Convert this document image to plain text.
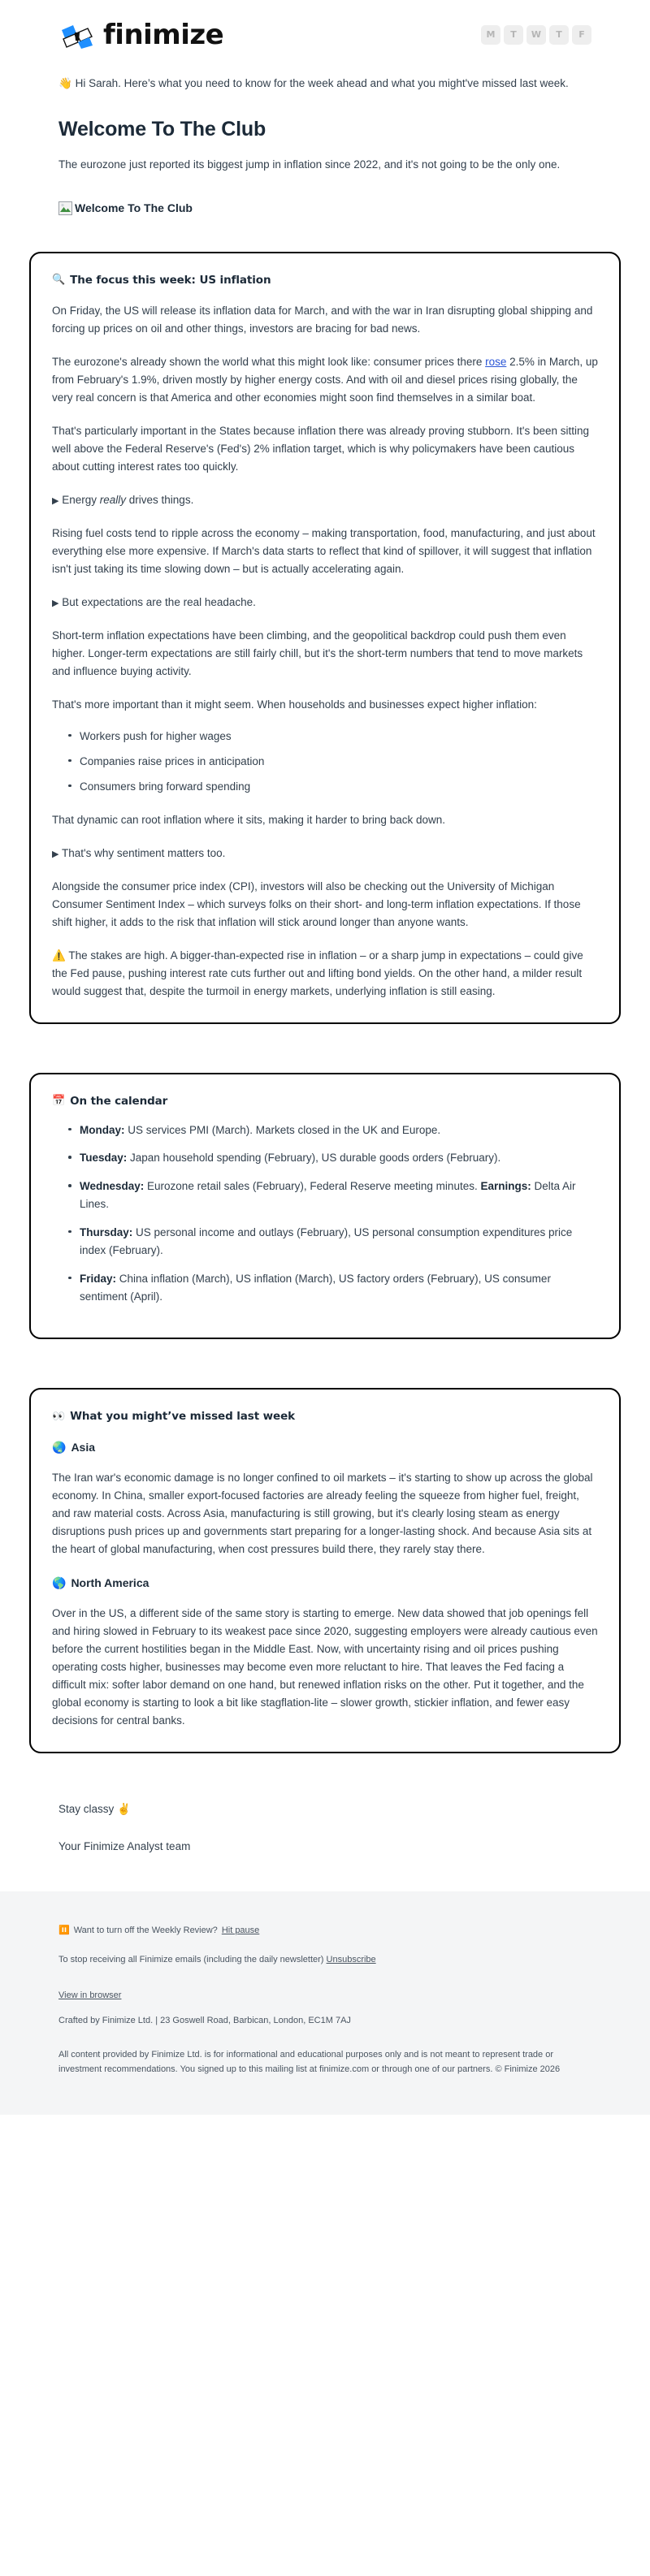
finimize	M	T	W	T	F

👋 Hi Sarah. Here’s what you need to know for the week ahead and what you might've missed last week.

Welcome To The Club

The eurozone just reported its biggest jump in inflation since 2022, and it's not going to be the only one.

Welcome To The Club
🔍 The focus this week: US inflation

On Friday, the US will release its inflation data for March, and with the war in Iran disrupting global shipping and forcing up prices on oil and other things, investors are bracing for bad news.

The eurozone's already shown the world what this might look like: consumer prices there rose 2.5% in March, up from February's 1.9%, driven mostly by higher energy costs. And with oil and diesel prices rising globally, the very real concern is that America and other economies might soon find themselves in a similar boat.

That's particularly important in the States because inflation there was already proving stubborn. It's been sitting well above the Federal Reserve's (Fed's) 2% inflation target, which is why policymakers have been cautious about cutting interest rates too quickly.

▶ Energy really drives things.

Rising fuel costs tend to ripple across the economy – making transportation, food, manufacturing, and just about everything else more expensive. If March's data starts to reflect that kind of spillover, it will suggest that inflation isn't just taking its time slowing down – but is actually accelerating again.

▶ But expectations are the real headache.

Short-term inflation expectations have been climbing, and the geopolitical backdrop could push them even higher. Longer-term expectations are still fairly chill, but it's the short-term numbers that tend to move markets and influence buying activity.

That's more important than it might seem. When households and businesses expect higher inflation:

Workers push for higher wages
Companies raise prices in anticipation
Consumers bring forward spending

That dynamic can root inflation where it sits, making it harder to bring back down.

▶ That's why sentiment matters too.

Alongside the consumer price index (CPI), investors will also be checking out the University of Michigan Consumer Sentiment Index – which surveys folks on their short- and long-term inflation expectations. If those shift higher, it adds to the risk that inflation will stick around longer than anyone wants.

⚠️ The stakes are high. A bigger-than-expected rise in inflation – or a sharp jump in expectations – could give the Fed pause, pushing interest rate cuts further out and lifting bond yields. On the other hand, a milder result would suggest that, despite the turmoil in energy markets, underlying inflation is still easing.

📅 On the calendar
Monday: US services PMI (March). Markets closed in the UK and Europe.
Tuesday: Japan household spending (February), US durable goods orders (February).
Wednesday: Eurozone retail sales (February), Federal Reserve meeting minutes. Earnings: Delta Air Lines.
Thursday: US personal income and outlays (February), US personal consumption expenditures price index (February).
Friday: China inflation (March), US inflation (March), US factory orders (February), US consumer sentiment (April).
👀 What you might’ve missed last week
🌏 Asia

The Iran war's economic damage is no longer confined to oil markets – it's starting to show up across the global economy. In China, smaller export-focused factories are already feeling the squeeze from higher fuel, freight, and raw material costs. Across Asia, manufacturing is still growing, but it's clearly losing steam as energy disruptions push prices up and governments start preparing for a longer-lasting shock. And because Asia sits at the heart of global manufacturing, when cost pressures build there, they rarely stay there.

🌎 North America

Over in the US, a different side of the same story is starting to emerge. New data showed that job openings fell and hiring slowed in February to its weakest pace since 2020, suggesting employers were already cautious even before the current hostilities began in the Middle East. Now, with uncertainty rising and oil prices pushing operating costs higher, businesses may become even more reluctant to hire. That leaves the Fed facing a difficult mix: softer labor demand on one hand, but renewed inflation risks on the other. Put it together, and the global economy is starting to look a bit like stagflation-lite – slower growth, stickier inflation, and fewer easy decisions for central banks.

Stay classy ✌️

Your Finimize Analyst team

⏸️ Want to turn off the Weekly Review? Hit pause

To stop receiving all Finimize emails (including the daily newsletter) Unsubscribe

View in browser

Crafted by Finimize Ltd. | 23 Goswell Road, Barbican, London, EC1M 7AJ

All content provided by Finimize Ltd. is for informational and educational purposes only and is not meant to represent trade or investment recommendations. You signed up to this mailing list at finimize.com or through one of our partners. © Finimize 2026
